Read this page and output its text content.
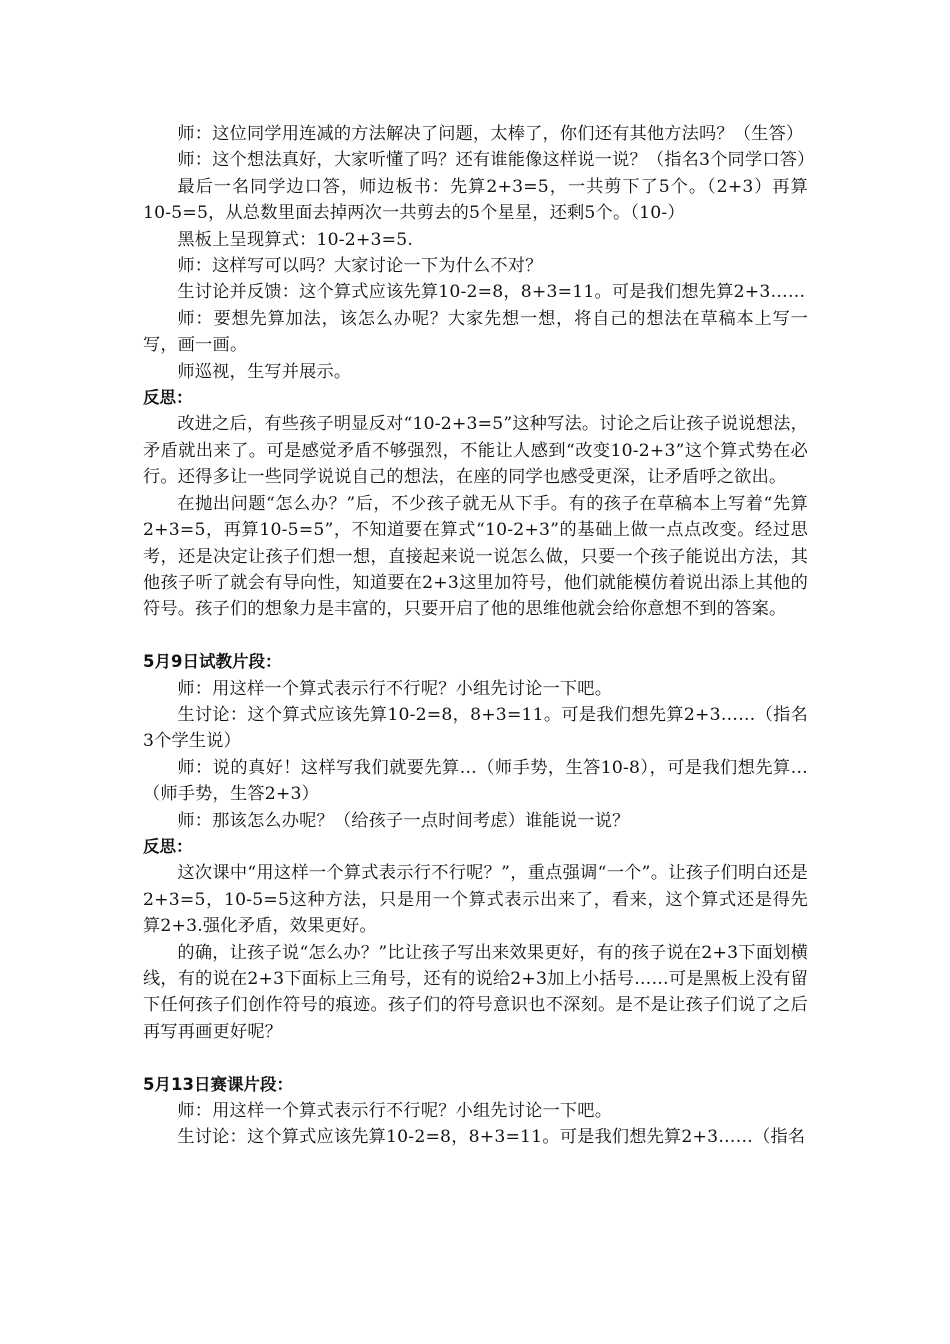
师：这位同学用连减的方法解决了问题，太棒了，你们还有其他方法吗？（生答）

师：这个想法真好，大家听懂了吗？还有谁能像这样说一说？（指名3个同学口答）

最后一名同学边口答，师边板书：先算2+3=5，一共剪下了5个。（2+3）再算10-5=5，从总数里面去掉两次一共剪去的5个星星，还剩5个。（10-）

黑板上呈现算式：10-2+3=5.

师：这样写可以吗？大家讨论一下为什么不对？

生讨论并反馈：这个算式应该先算10-2=8，8+3=11。可是我们想先算2+3……

师：要想先算加法，该怎么办呢？大家先想一想，将自己的想法在草稿本上写一写，画一画。

师巡视，生写并展示。

反思：

改进之后，有些孩子明显反对“10-2+3=5”这种写法。讨论之后让孩子说说想法，矛盾就出来了。可是感觉矛盾不够强烈，不能让人感到“改变10-2+3”这个算式势在必行。还得多让一些同学说说自己的想法，在座的同学也感受更深，让矛盾呼之欲出。

在抛出问题“怎么办？”后，不少孩子就无从下手。有的孩子在草稿本上写着“先算2+3=5，再算10-5=5”，不知道要在算式“10-2+3”的基础上做一点点改变。经过思考，还是决定让孩子们想一想，直接起来说一说怎么做，只要一个孩子能说出方法，其他孩子听了就会有导向性，知道要在2+3这里加符号，他们就能模仿着说出添上其他的符号。孩子们的想象力是丰富的，只要开启了他的思维他就会给你意想不到的答案。

5月9日试教片段：

师：用这样一个算式表示行不行呢？小组先讨论一下吧。

生讨论：这个算式应该先算10-2=8，8+3=11。可是我们想先算2+3……（指名3个学生说）

师：说的真好！这样写我们就要先算…（师手势，生答10-8），可是我们想先算…（师手势，生答2+3）

师：那该怎么办呢？（给孩子一点时间考虑）谁能说一说？

反思：

这次课中“用这样一个算式表示行不行呢？”，重点强调“一个”。让孩子们明白还是2+3=5，10-5=5这种方法，只是用一个算式表示出来了，看来，这个算式还是得先算2+3.强化矛盾，效果更好。

的确，让孩子说“怎么办？”比让孩子写出来效果更好，有的孩子说在2+3下面划横线，有的说在2+3下面标上三角号，还有的说给2+3加上小括号……可是黑板上没有留下任何孩子们创作符号的痕迹。孩子们的符号意识也不深刻。是不是让孩子们说了之后再写再画更好呢？

5月13日赛课片段：

师：用这样一个算式表示行不行呢？小组先讨论一下吧。

生讨论：这个算式应该先算10-2=8，8+3=11。可是我们想先算2+3……（指名
